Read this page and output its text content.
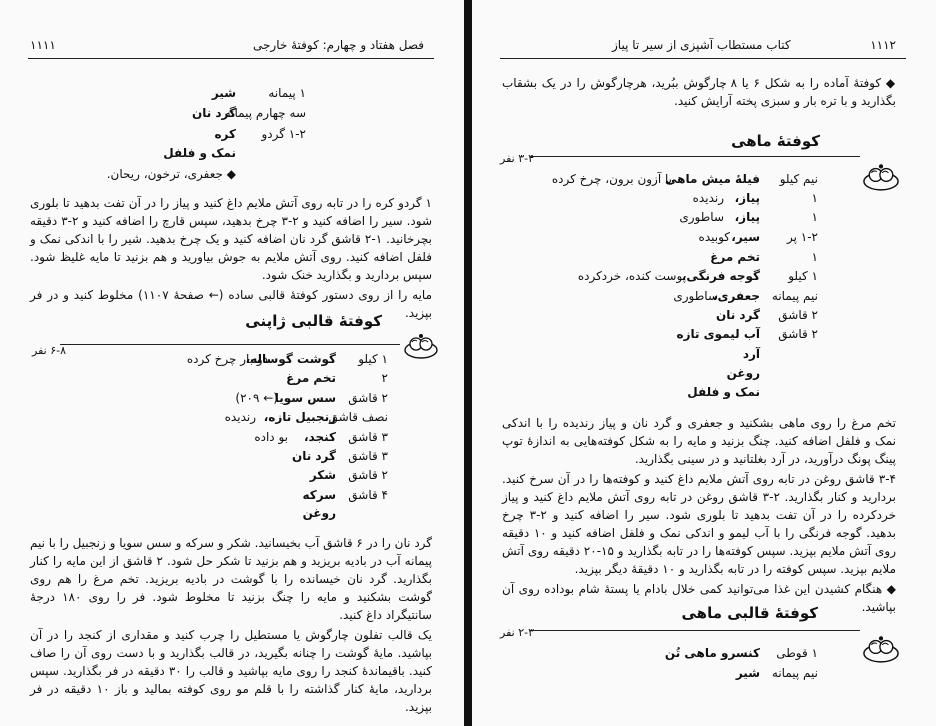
۱۱۱۱	فصل هفتاد و چهارم: کوفتهٔ خارجی
۱ پیمانه
شیر
سه چهارم پیمانه
گرد نان
۱-۲ گردو
کره
نمک و فلفل
◆ جعفری، ترخون، ریحان.

۱ گردو کره را در تابه روی آتش ملایم داغ کنید و پیاز را در آن تفت بدهید تا بلوری شود. سیر را اضافه کنید و ۲-۳ چرخ بدهید، سپس قارچ را اضافه کنید و ۲-۳ دقیقه بچرخانید. ۱-۲ قاشق گرد نان اضافه کنید و یک چرخ بدهید. شیر را با اندکی نمک و فلفل اضافه کنید. روی آتش ملایم به جوش بیاورید و هم بزنید تا مایه غلیظ شود. سپس بردارید و بگذارید خنک شود.

مایه را از روی دستور کوفتهٔ قالبی ساده (← صفحهٔ ۱۱۰۷) مخلوط کنید و در فر بپزید.

کوفتهٔ قالبی ژاپنی
۶-۸ نفر
۱ کیلو
گوشت گوساله،
دو بار چرخ کرده
۲
تخم مرغ
۲ قاشق
سس سویا
(← ۲۰۹)
نصف قاشق
زنجبیل تازه،
رندیده
۳ قاشق
کنجد،
بو داده
۳ قاشق
گرد نان
۲ قاشق
شکر
۴ قاشق
سرکه
روغن

گرد نان را در ۶ قاشق آب بخیسانید. شکر و سرکه و سس سویا و زنجبیل را با نیم پیمانه آب در بادیه بریزید و هم بزنید تا شکر حل شود. ۲ قاشق از این مایه را کنار بگذارید. گرد نان خیسانده را با گوشت در بادیه بریزید. تخم مرغ را هم روی گوشت بشکنید و مایه را چنگ بزنید تا مخلوط شود. فر را روی ۱۸۰ درجهٔ سانتیگراد داغ کنید.

یک قالب تفلون چارگوش یا مستطیل را چرب کنید و مقداری از کنجد را در آن بپاشید. مایهٔ گوشت را چنانه بگیرید، در قالب بگذارید و با دست روی آن را صاف کنید. باقیماندهٔ کنجد را روی مایه بپاشید و قالب را ۳۰ دقیقه در فر بگذارید. سپس بردارید، مایهٔ کنار گذاشته را با قلم مو روی کوفته بمالید و باز ۱۰ دقیقه در فر بپزید.

۱۱۱۲
کتاب مستطاب آشپزی از سیر تا پیاز

◆ کوفتهٔ آماده را به شکل ۶ یا ۸ چارگوش ببُرید، هرچارگوش را در یک بشقاب بگذارید و با تره بار و سبزی پخته آرایش کنید.

کوفتهٔ ماهی
۳-۴ نفر
نیم کیلو
فیلهٔ میش ماهی
یا آزون برون، چرخ کرده
۱
پیاز،
رندیده
۱
پیاز،
ساطوری
۱-۲ پر
سیر،
کوبیده
۱
تخم مرغ
۱ کیلو
گوجه فرنگی،
پوست کنده، خردکرده
نیم پیمانه
جعفری،
ساطوری
۲ قاشق
گرد نان
۲ قاشق
آب لیموی تازه
آرد
روغن
نمک و فلفل

تخم مرغ را روی ماهی بشکنید و جعفری و گرد نان و پیاز رندیده را با اندکی نمک و فلفل اضافه کنید. چنگ بزنید و مایه را به شکل کوفته‌هایی به اندازهٔ توپ پینگ پونگ درآورید، در آرد بغلتانید و در سینی بگذارید.

۳-۴ قاشق روغن در تابه روی آتش ملایم داغ کنید و کوفته‌ها را در آن سرخ کنید. بردارید و کنار بگذارید. ۲-۳ قاشق روغن در تابه روی آتش ملایم داغ کنید و پیاز خردکرده را در آن تفت بدهید تا بلوری شود. سیر را اضافه کنید و ۲-۳ چرخ بدهید. گوجه فرنگی را با آب لیمو و اندکی نمک و فلفل اضافه کنید و ۱۰ دقیقه روی آتش ملایم بپزید. سپس کوفته‌ها را در تابه بگذارید و ۱۵-۲۰ دقیقه روی آتش ملایم بپزید. سپس کوفته را در تابه بگذارید و ۱۰ دقیقهٔ دیگر بپزید.

◆ هنگام کشیدن این غذا می‌توانید کمی خلال بادام یا پستهٔ شام بوداده روی آن بپاشید.

کوفتهٔ قالبی ماهی
۲-۳ نفر
۱ قوطی
کنسرو ماهی تُن
نیم پیمانه
شیر
